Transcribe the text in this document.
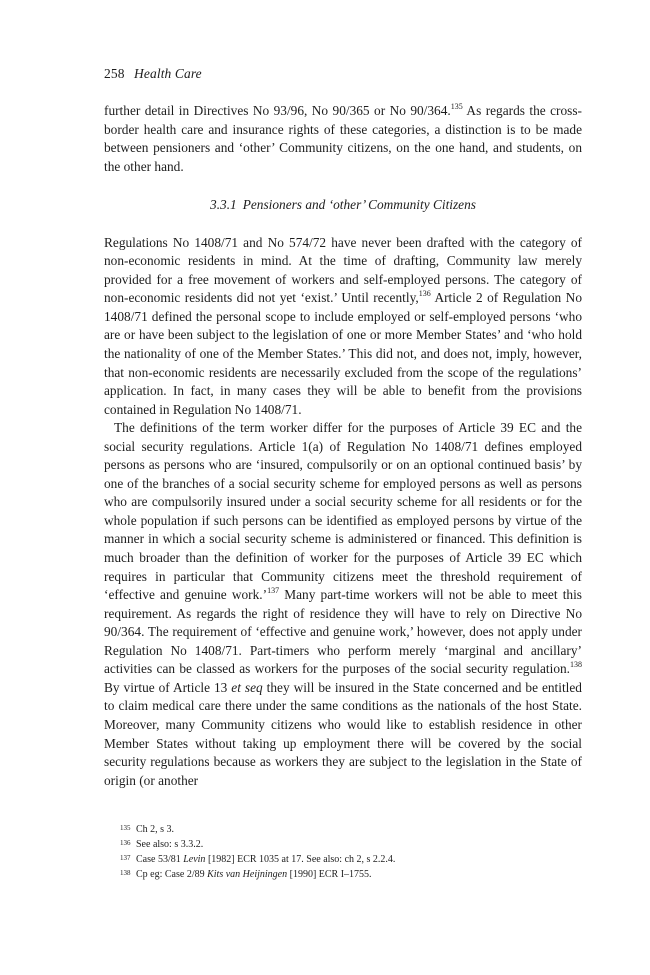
258 Health Care

further detail in Directives No 93/96, No 90/365 or No 90/364.$^{135}$ As regards the cross-border health care and insurance rights of these categories, a distinction is to be made between pensioners and ‘other’ Community citizens, on the one hand, and students, on the other hand.

3.3.1 Pensioners and ‘other’ Community Citizens

Regulations No 1408/71 and No 574/72 have never been drafted with the category of non-economic residents in mind. At the time of drafting, Community law merely provided for a free movement of workers and self-employed persons. The category of non-economic residents did not yet ‘exist.’ Until recently,$^{136}$ Article 2 of Regulation No 1408/71 defined the personal scope to include employed or self-employed persons ‘who are or have been subject to the legislation of one or more Member States’ and ‘who hold the nationality of one of the Member States.’ This did not, and does not, imply, however, that non-economic residents are necessarily excluded from the scope of the regulations’ application. In fact, in many cases they will be able to benefit from the provisions contained in Regulation No 1408/71.

The definitions of the term worker differ for the purposes of Article 39 EC and the social security regulations. Article 1(a) of Regulation No 1408/71 defines employed persons as persons who are ‘insured, compulsorily or on an optional continued basis’ by one of the branches of a social security scheme for employed persons as well as persons who are compulsorily insured under a social security scheme for all residents or for the whole population if such persons can be identified as employed persons by virtue of the manner in which a social security scheme is administered or financed. This definition is much broader than the definition of worker for the purposes of Article 39 EC which requires in particular that Community citizens meet the threshold requirement of ‘effective and genuine work.’$^{137}$ Many part-time workers will not be able to meet this requirement. As regards the right of residence they will have to rely on Directive No 90/364. The requirement of ‘effective and genuine work,’ however, does not apply under Regulation No 1408/71. Part-timers who perform merely ‘marginal and ancillary’ activities can be classed as workers for the purposes of the social security regulation.$^{138}$ By virtue of Article 13 et seq they will be insured in the State concerned and be entitled to claim medical care there under the same conditions as the nationals of the host State. Moreover, many Community citizens who would like to establish residence in other Member States without taking up employment there will be covered by the social security regulations because as workers they are subject to the legislation in the State of origin (or another

135 Ch 2, s 3.
136 See also: s 3.3.2.
137 Case 53/81 Levin [1982] ECR 1035 at 17. See also: ch 2, s 2.2.4.
138 Cp eg: Case 2/89 Kits van Heijningen [1990] ECR I–1755.
